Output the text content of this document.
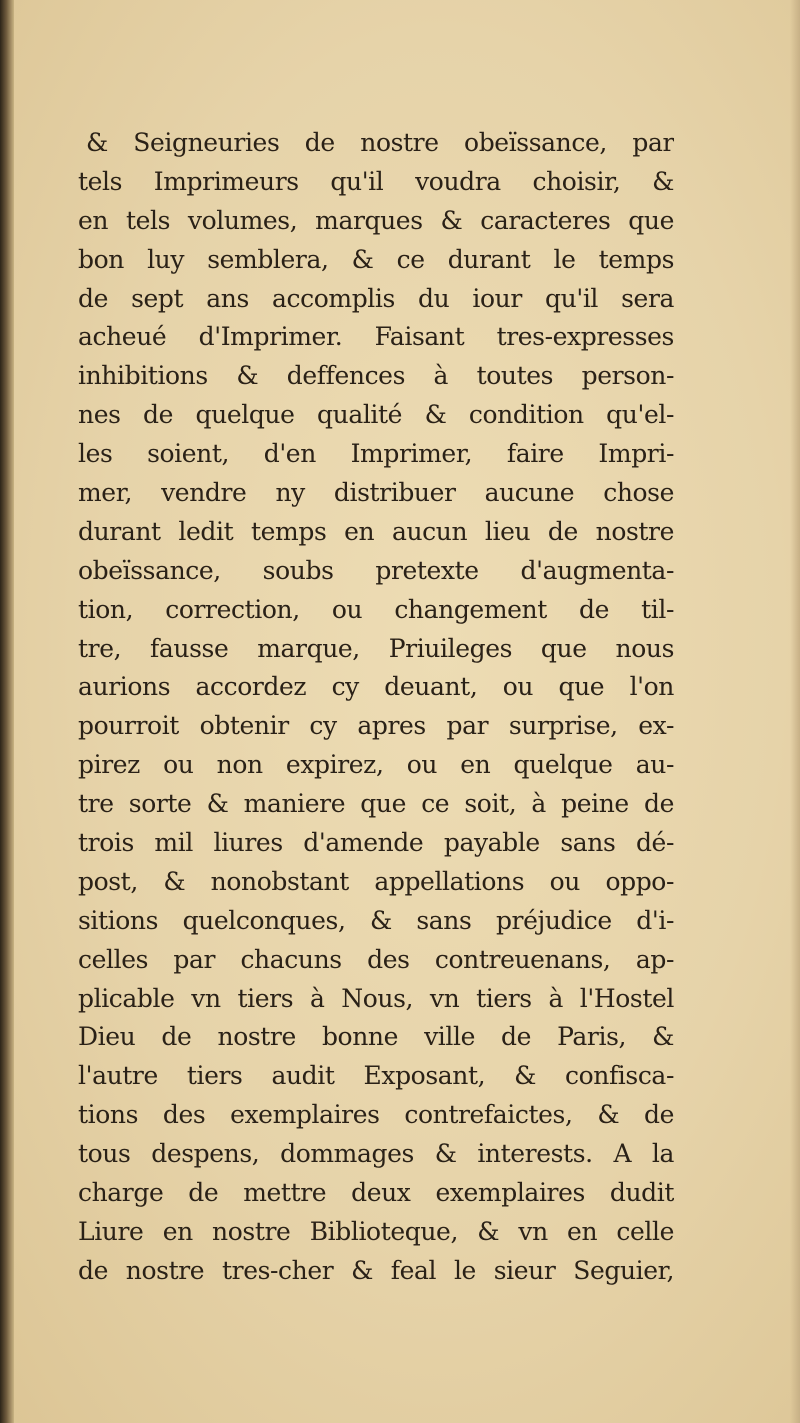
& Seigneuries de nostre obeïssance, par
tels Imprimeurs qu'il voudra choisir, &
en tels volumes, marques & caracteres que
bon luy semblera, & ce durant le temps
de sept ans accomplis du iour qu'il sera
acheué d'Imprimer. Faisant tres-expresses
inhibitions & deffences à toutes person-
nes de quelque qualité & condition qu'el-
les soient, d'en Imprimer, faire Impri-
mer, vendre ny distribuer aucune chose
durant ledit temps en aucun lieu de nostre
obeïssance, soubs pretexte d'augmenta-
tion, correction, ou changement de til-
tre, fausse marque, Priuileges que nous
aurions accordez cy deuant, ou que l'on
pourroit obtenir cy apres par surprise, ex-
pirez ou non expirez, ou en quelque au-
tre sorte & maniere que ce soit, à peine de
trois mil liures d'amende payable sans dé-
post, & nonobstant appellations ou oppo-
sitions quelconques, & sans préjudice d'i-
celles par chacuns des contreuenans, ap-
plicable vn tiers à Nous, vn tiers à l'Hostel
Dieu de nostre bonne ville de Paris, &
l'autre tiers audit Exposant, & confisca-
tions des exemplaires contrefaictes, & de
tous despens, dommages & interests. A la
charge de mettre deux exemplaires dudit
Liure en nostre Biblioteque, & vn en celle
de nostre tres-cher & feal le sieur Seguier,
